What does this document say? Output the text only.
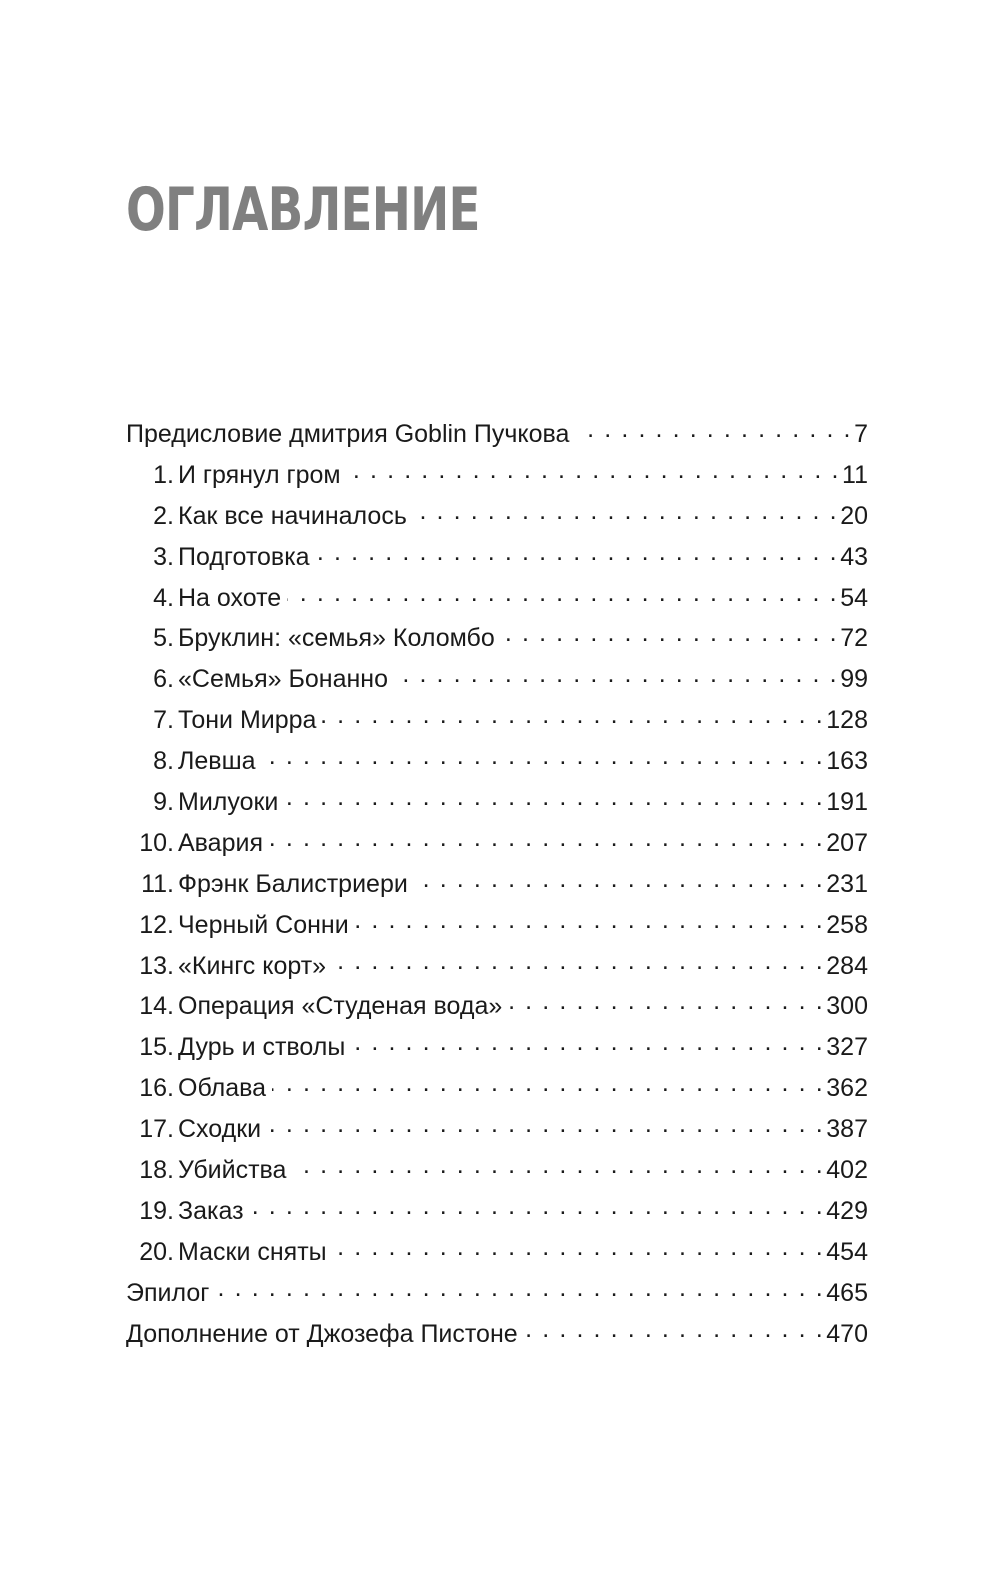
ОГЛАВЛЕНИЕ
Предисловие дмитрия Goblin Пучкова . . .	7
1. И грянул гром . . .	11
2. Как все начиналось . . .	20
3. Подготовка . . .	43
4. На охоте . . .	54
5. Бруклин: «семья» Коломбо . . .	72
6. «Семья» Бонанно . . .	99
7. Тони Мирра . . .	128
8. Левша . . .	163
9. Милуоки . . .	191
10. Авария . . .	207
11. Фрэнк Балистриери . . .	231
12. Черный Сонни . . .	258
13. «Кингс корт» . . .	284
14. Операция «Студеная вода» . . .	300
15. Дурь и стволы . . .	327
16. Облава . . .	362
17. Сходки . . .	387
18. Убийства . . .	402
19. Заказ . . .	429
20. Маски сняты . . .	454
Эпилог . . .	465
Дополнение от Джозефа Пистоне . . .	470
